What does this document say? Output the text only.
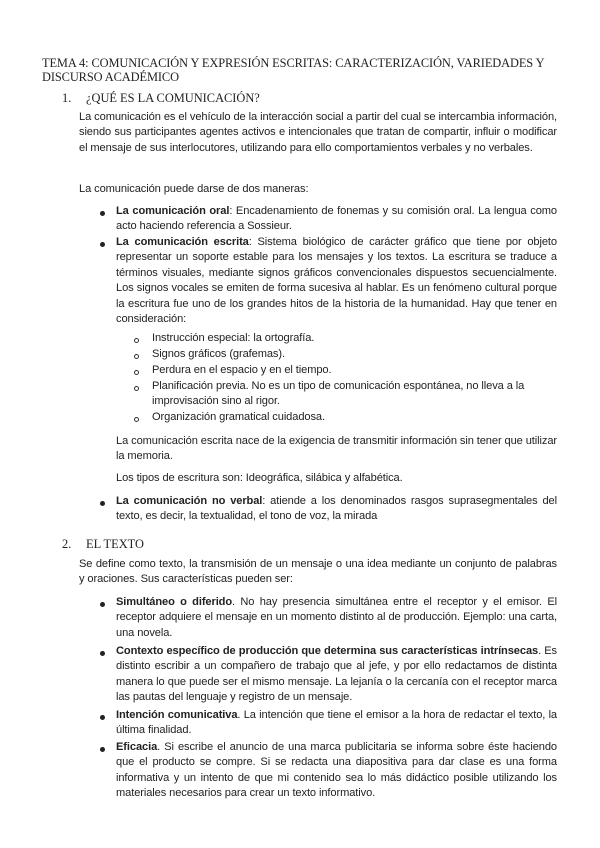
TEMA 4: COMUNICACIÓN Y EXPRESIÓN ESCRITAS: CARACTERIZACIÓN, VARIEDADES Y DISCURSO ACADÉMICO
1. ¿QUÉ ES LA COMUNICACIÓN?
La comunicación es el vehículo de la interacción social a partir del cual se intercambia información, siendo sus participantes agentes activos e intencionales que tratan de compartir, influir o modificar el mensaje de sus interlocutores, utilizando para ello comportamientos verbales y no verbales.
La comunicación puede darse de dos maneras:
La comunicación oral: Encadenamiento de fonemas y su comisión oral. La lengua como acto haciendo referencia a Sossieur.
La comunicación escrita: Sistema biológico de carácter gráfico que tiene por objeto representar un soporte estable para los mensajes y los textos. La escritura se traduce a términos visuales, mediante signos gráficos convencionales dispuestos secuencialmente. Los signos vocales se emiten de forma sucesiva al hablar. Es un fenómeno cultural porque la escritura fue uno de los grandes hitos de la historia de la humanidad. Hay que tener en consideración:
Instrucción especial: la ortografía.
Signos gráficos (grafemas).
Perdura en el espacio y en el tiempo.
Planificación previa. No es un tipo de comunicación espontánea, no lleva a la improvisación sino al rigor.
Organización gramatical cuidadosa.
La comunicación escrita nace de la exigencia de transmitir información sin tener que utilizar la memoria.
Los tipos de escritura son: Ideográfica, silábica y alfabética.
La comunicación no verbal: atiende a los denominados rasgos suprasegmentales del texto, es decir, la textualidad, el tono de voz, la mirada
2. EL TEXTO
Se define como texto, la transmisión de un mensaje o una idea mediante un conjunto de palabras y oraciones. Sus características pueden ser:
Simultáneo o diferido. No hay presencia simultánea entre el receptor y el emisor. El receptor adquiere el mensaje en un momento distinto al de producción. Ejemplo: una carta, una novela.
Contexto específico de producción que determina sus características intrínsecas. Es distinto escribir a un compañero de trabajo que al jefe, y por ello redactamos de distinta manera lo que puede ser el mismo mensaje. La lejanía o la cercanía con el receptor marca las pautas del lenguaje y registro de un mensaje.
Intención comunicativa. La intención que tiene el emisor a la hora de redactar el texto, la última finalidad.
Eficacia. Si escribe el anuncio de una marca publicitaria se informa sobre éste haciendo que el producto se compre. Si se redacta una diapositiva para dar clase es una forma informativa y un intento de que mi contenido sea lo más didáctico posible utilizando los materiales necesarios para crear un texto informativo.
